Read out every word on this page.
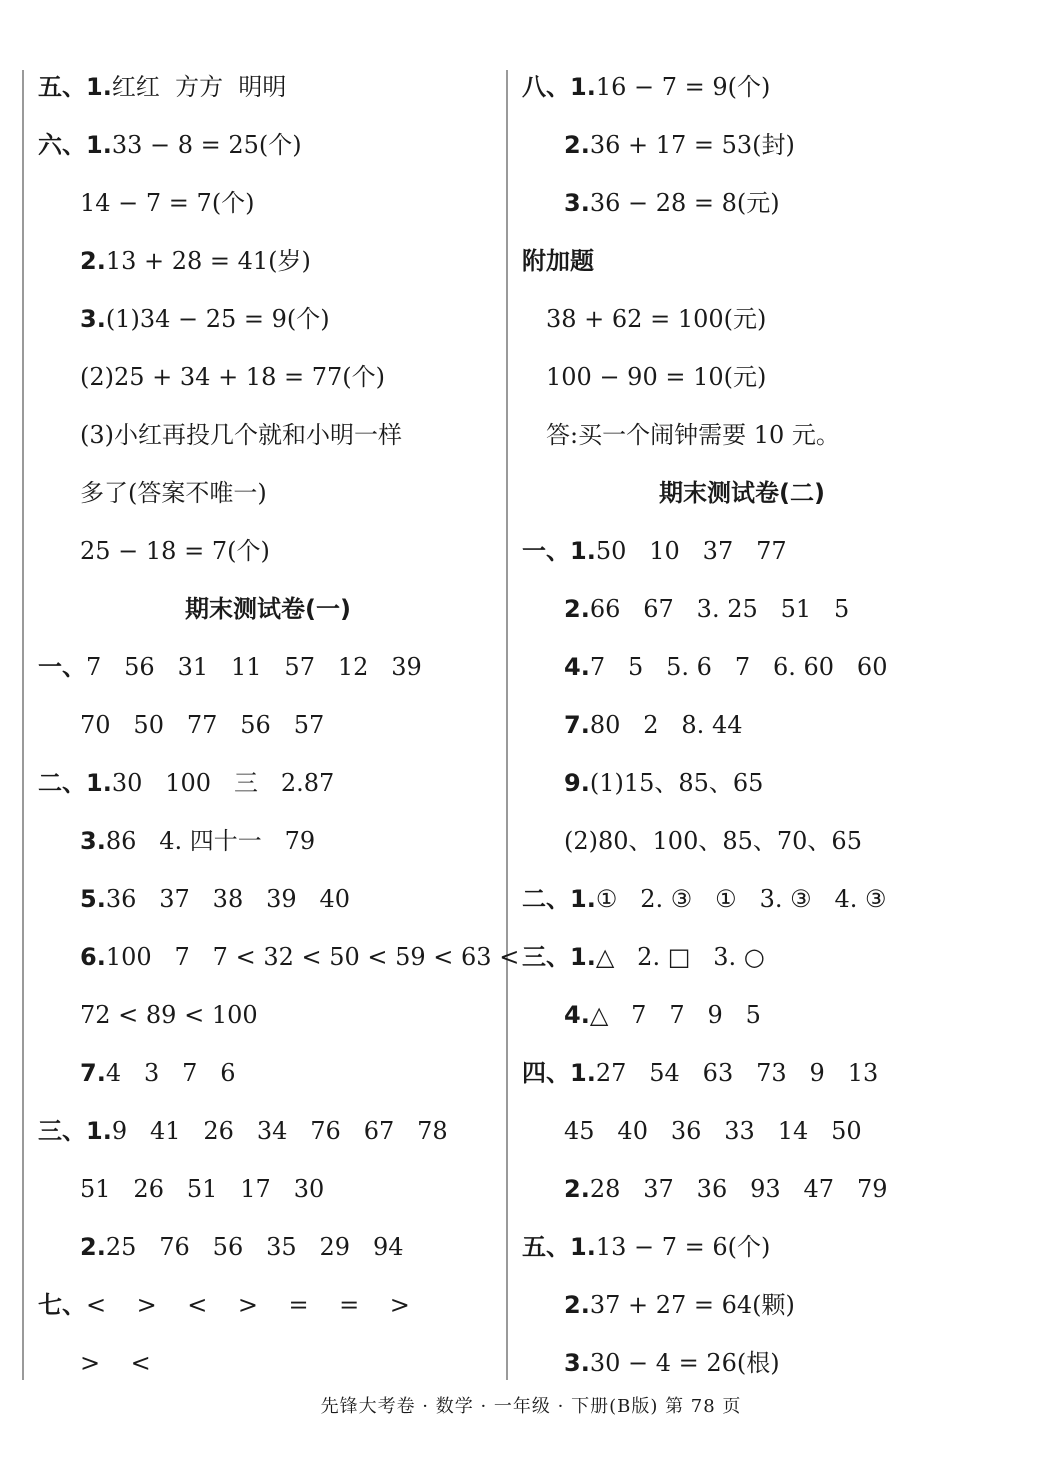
五、1.红红  方方  明明
六、1.33 − 8 = 25(个)
14 − 7 = 7(个)
2.13 + 28 = 41(岁)
3.(1)34 − 25 = 9(个)
(2)25 + 34 + 18 = 77(个)
(3)小红再投几个就和小明一样
多了(答案不唯一)
25 − 18 = 7(个)
期末测试卷(一)
一、7   56   31   11   57   12   39
70   50   77   56   57
二、1.30   100   三   2.87
3.86   4. 四十一   79
5.36   37   38   39   40
6.100   7   7 < 32 < 50 < 59 < 63 <
72 < 89 < 100
7.4   3   7   6
三、1.9   41   26   34   76   67   78
51   26   51   17   30
2.25   76   56   35   29   94
七、<    >    <    >    =    =    >
>    <
八、1.16 − 7 = 9(个)
2.36 + 17 = 53(封)
3.36 − 28 = 8(元)
附加题
38 + 62 = 100(元)
100 − 90 = 10(元)
答:买一个闹钟需要 10 元。
期末测试卷(二)
一、1.50   10   37   77
2.66   67   3. 25   51   5
4.7   5   5. 6   7   6. 60   60
7.80   2   8. 44
9.(1)15、85、65
(2)80、100、85、70、65
二、1.①   2. ③   ①   3. ③   4. ③
三、1.△   2. □   3. ○
4.△   7   7   9   5
四、1.27   54   63   73   9   13
45   40   36   33   14   50
2.28   37   36   93   47   79
五、1.13 − 7 = 6(个)
2.37 + 27 = 64(颗)
3.30 − 4 = 26(根)
先锋大考卷 · 数学 · 一年级 · 下册(B版) 第 78 页
